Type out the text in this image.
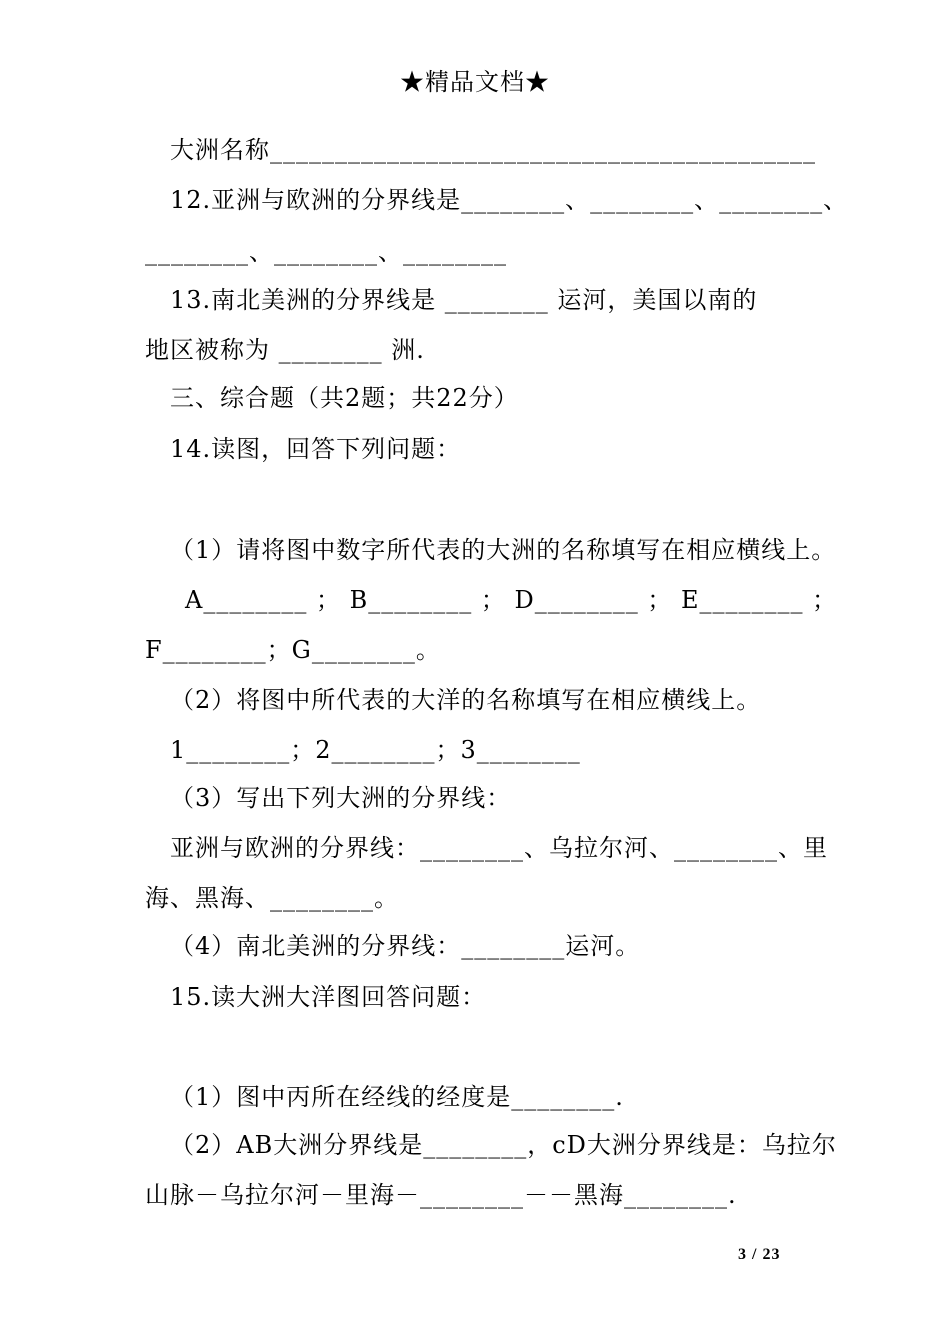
★精品文档★
大洲名称__________________________________________
12.亚洲与欧洲的分界线是________、________、________、
________、________、________
13.南北美洲的分界线是 ________ 运河，美国以南的
地区被称为 ________ 洲.
三、综合题（共2题；共22分）
14.读图，回答下列问题：
（1）请将图中数字所代表的大洲的名称填写在相应横线上。
A________ ； B________ ； D________ ； E________ ；
F________；G________。
（2）将图中所代表的大洋的名称填写在相应横线上。
1________；2________；3________
（3）写出下列大洲的分界线：
亚洲与欧洲的分界线：________、乌拉尔河、________、里
海、黑海、________。
（4）南北美洲的分界线：________运河。
15.读大洲大洋图回答问题：
（1）图中丙所在经线的经度是________.
（2）AB大洲分界线是________，cD大洲分界线是：乌拉尔
山脉－乌拉尔河－里海－________－－黑海________.
3 / 23
